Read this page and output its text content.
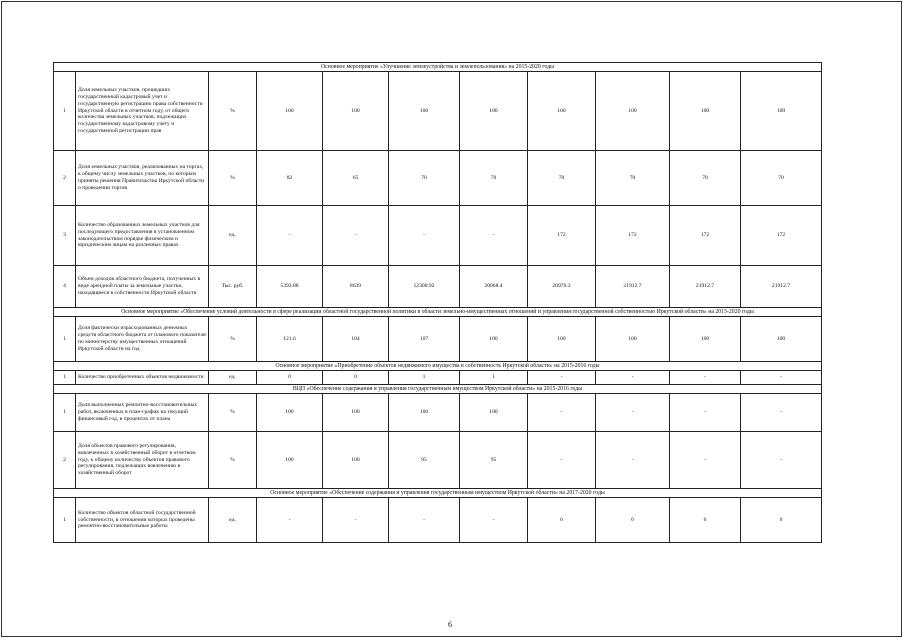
Основное мероприятие «Улучшение землеустройства и землепользования» на 2015-2020 годы										
1	Доля земельных участков, прошедших государственный кадастровый учет и государственную регистрацию права собственности Иркутской области в отчетном году, от общего количества земельных участков, подлежащих государственному кадастровому учету и государственной регистрации прав	%	100	100	100	100	100	100	100	100
2	Доля земельных участков, реализованных на торгах, к общему числу земельных участков, по которым приняты решения Правительства Иркутской области о проведении торгов	%	82	65	70	70	70	70	70	70
3	Количество образованных земельных участков для последующего предоставления в установленном законодательством порядке физическим и юридическим лицам на различных правах	ед.	-	-	-	-	172	172	172	172
4	Объем доходов областного бюджета, полученных в виде арендной платы за земельные участки, находящиеся в собственности Иркутской области	Тыс. руб.	5393.88	8639	12308.92	20068.4	20970.3	21912.7	21912.7	21912.7
Основное мероприятие «Обеспечение условий деятельности в сфере реализации областной государственной политики в области земельно-имущественных отношений и управления государственной собственностью Иркутской области» на 2015-2020 годы										
1	Доля фактически израсходованных денежных средств областного бюджета от планового показателя по министерству имущественных отношений Иркутской области на год	%	121.6	104	107	100	100	100	100	100
Основное мероприятие «Приобретение объектов недвижимого имущества в собственность Иркутской области» на 2015-2016 годы										
1	Количество приобретенных объектов недвижимости	ед.	0	0	1	1	-	-	-	-
ВЦП «Обеспечение содержания и управления государственным имуществом Иркутской области» на 2015-2016 годы										
1	Доля выполненных ремонтно-восстановительных работ, включенных в план-график на текущий финансовый год, в процентах от плана	%	100	100	100	100	-	-	-	-
2	Доля объектов правового регулирования, вовлеченных в хозяйственный оборот в отчетном году, к общему количеству объектов правового регулирования, подлежащих вовлечению в хозяйственный оборот	%	100	100	95	95	-	-	-	-
Основное мероприятие «Обеспечение содержания и управления государственным имуществом Иркутской области» на 2017-2020 годы										
1	Количество объектов областной государственной собственности, в отношении которых проведены ремонтно-восстановительные работы	ед.	-	-	-	-	6	6	6	6
6
